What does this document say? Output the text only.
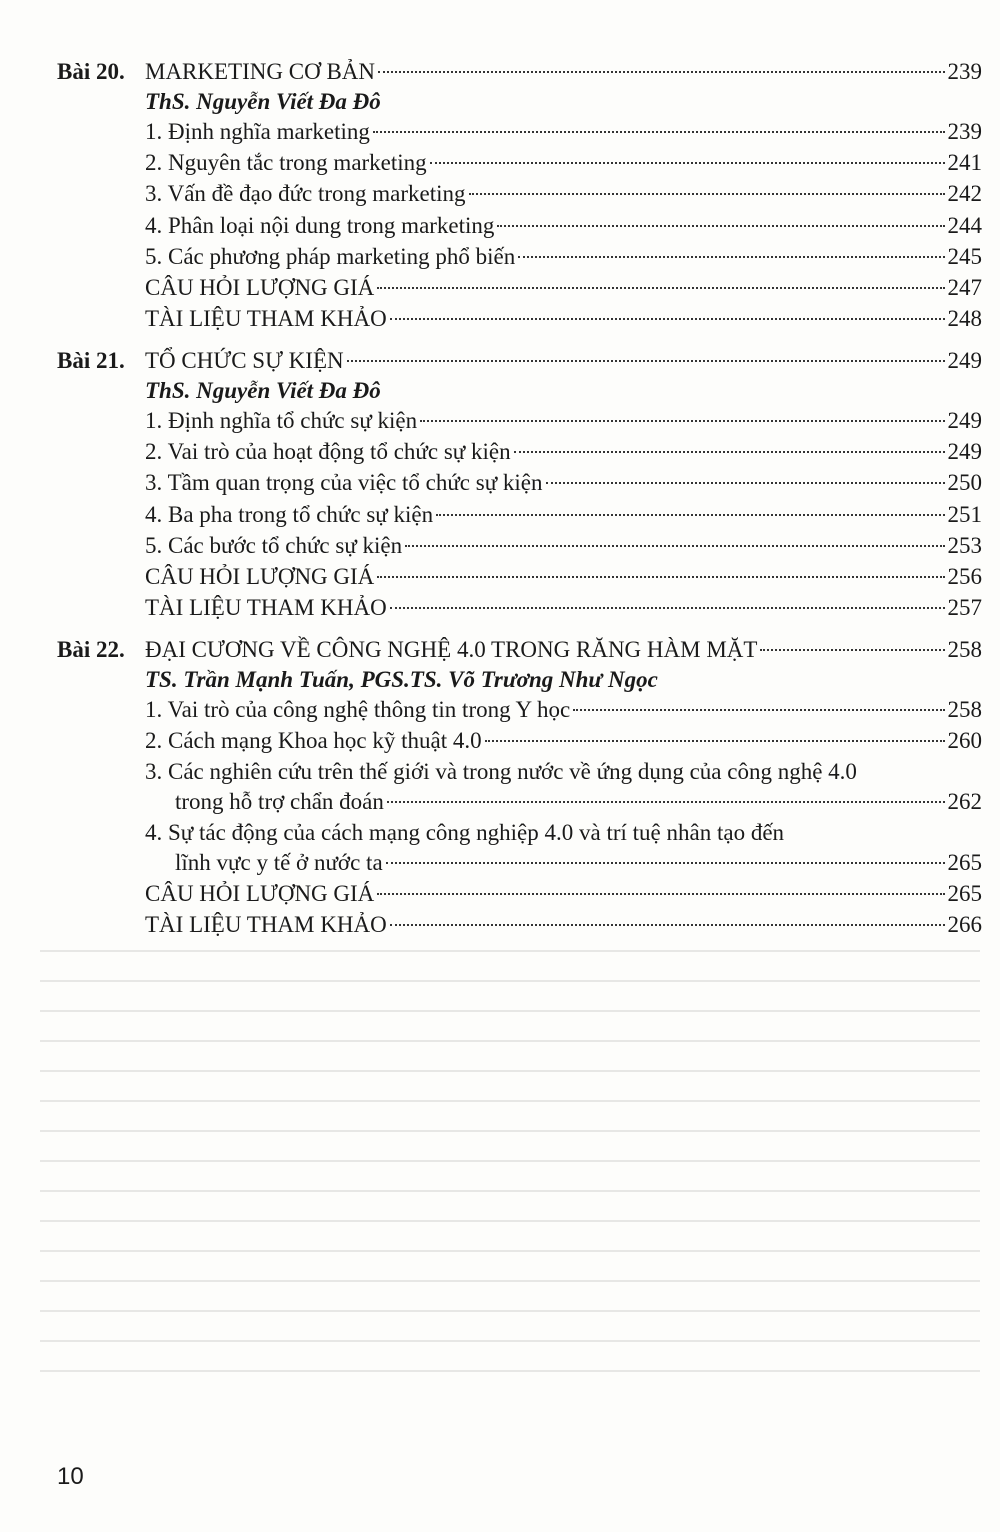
Bài 20. MARKETING CƠ BẢN	239
ThS. Nguyễn Viết Đa Đô
1. Định nghĩa marketing	239
2. Nguyên tắc trong marketing	241
3. Vấn đề đạo đức trong marketing	242
4. Phân loại nội dung trong marketing	244
5. Các phương pháp marketing phổ biến	245
CÂU HỎI LƯỢNG GIÁ	247
TÀI LIỆU THAM KHẢO	248
Bài 21. TỔ CHỨC SỰ KIỆN	249
ThS. Nguyễn Viết Đa Đô
1. Định nghĩa tổ chức sự kiện	249
2. Vai trò của hoạt động tổ chức sự kiện	249
3. Tầm quan trọng của việc tổ chức sự kiện	250
4. Ba pha trong tổ chức sự kiện	251
5. Các bước tổ chức sự kiện	253
CÂU HỎI LƯỢNG GIÁ	256
TÀI LIỆU THAM KHẢO	257
Bài 22. ĐẠI CƯƠNG VỀ CÔNG NGHỆ 4.0 TRONG RĂNG HÀM MẶT	258
TS. Trần Mạnh Tuấn, PGS.TS. Võ Trương Như Ngọc
1. Vai trò của công nghệ thông tin trong Y học	258
2. Cách mạng Khoa học kỹ thuật 4.0	260
3. Các nghiên cứu trên thế giới và trong nước về ứng dụng của công nghệ 4.0
trong hỗ trợ chẩn đoán	262
4. Sự tác động của cách mạng công nghiệp 4.0 và trí tuệ nhân tạo đến
lĩnh vực y tế ở nước ta	265
CÂU HỎI LƯỢNG GIÁ	265
TÀI LIỆU THAM KHẢO	266
10
